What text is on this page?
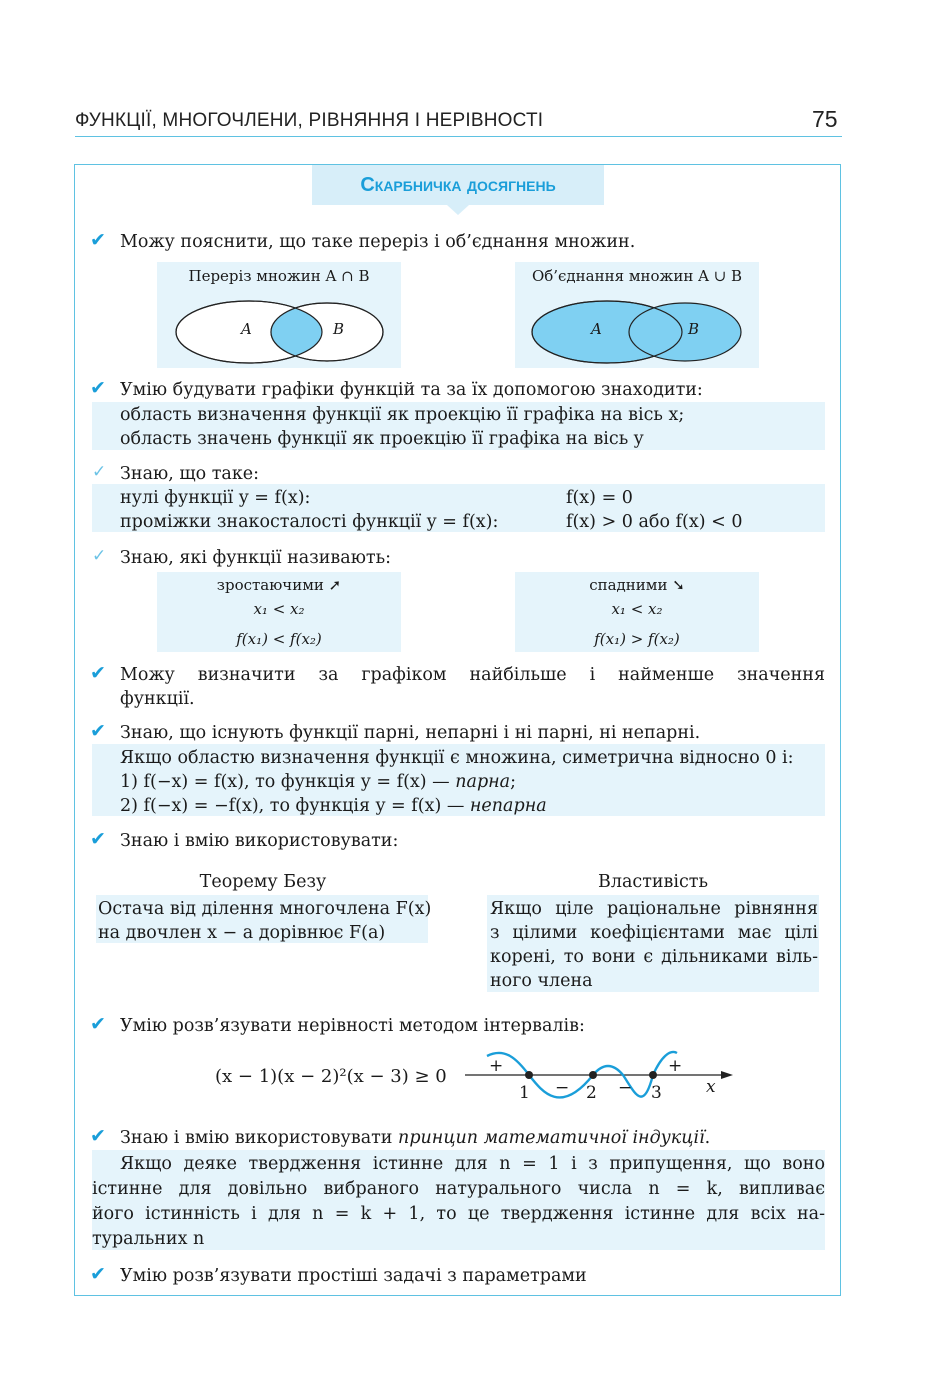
ФУНКЦІЇ, МНОГОЧЛЕНИ, РІВНЯННЯ І НЕРІВНОСТІ	75
Скарбничка досягнень
✔ Можу пояснити, що таке переріз і об’єднання множин.
Переріз множин A ∩ B
A	B
Об’єднання множин A ∪ B
A	B
✔ Умію будувати графіки функцій та за їх допомогою знаходити:
область визначення функції як проекцію її графіка на вісь x;
область значень функції як проекцію її графіка на вісь y
✓ Знаю, що таке:
нулі функції y = f(x):	f(x) = 0
проміжки знакосталості функції y = f(x):	f(x) > 0 або f(x) < 0
✓ Знаю, які функції називають:
зростаючими ➚
x₁ < x₂
f(x₁) < f(x₂)
спадними ➘
x₁ < x₂
f(x₁) > f(x₂)
✔ Можу визначити за графіком найбільше і найменше значення
функції.
✔ Знаю, що існують функції парні, непарні і ні парні, ні непарні.
Якщо областю визначення функції є множина, симетрична відносно 0 і:
1) f(−x) = f(x), то функція y = f(x) — парна;
2) f(−x) = −f(x), то функція y = f(x) — непарна
✔ Знаю і вмію використовувати:
Теорему Безу
Остача від ділення многочлена F(x)
на двочлен x − a дорівнює F(a)
Властивість
Якщо ціле раціональне рівняння
з цілими коефіцієнтами має цілі
корені, то вони є дільниками віль-
ного члена
✔ Умію розв’язувати нерівності методом інтервалів:
(x − 1)(x − 2)²(x − 3) ≥ 0 +
−	−
+
1	2	3	x
✔ Знаю і вмію використовувати принцип математичної індукції.
Якщо деяке твердження істинне для n = 1 і з припущення, що воно
істинне для довільно вибраного натурального числа n = k, випливає
його істинність і для n = k + 1, то це твердження істинне для всіх на-
туральних n
✔ Умію розв’язувати простіші задачі з параметрами
